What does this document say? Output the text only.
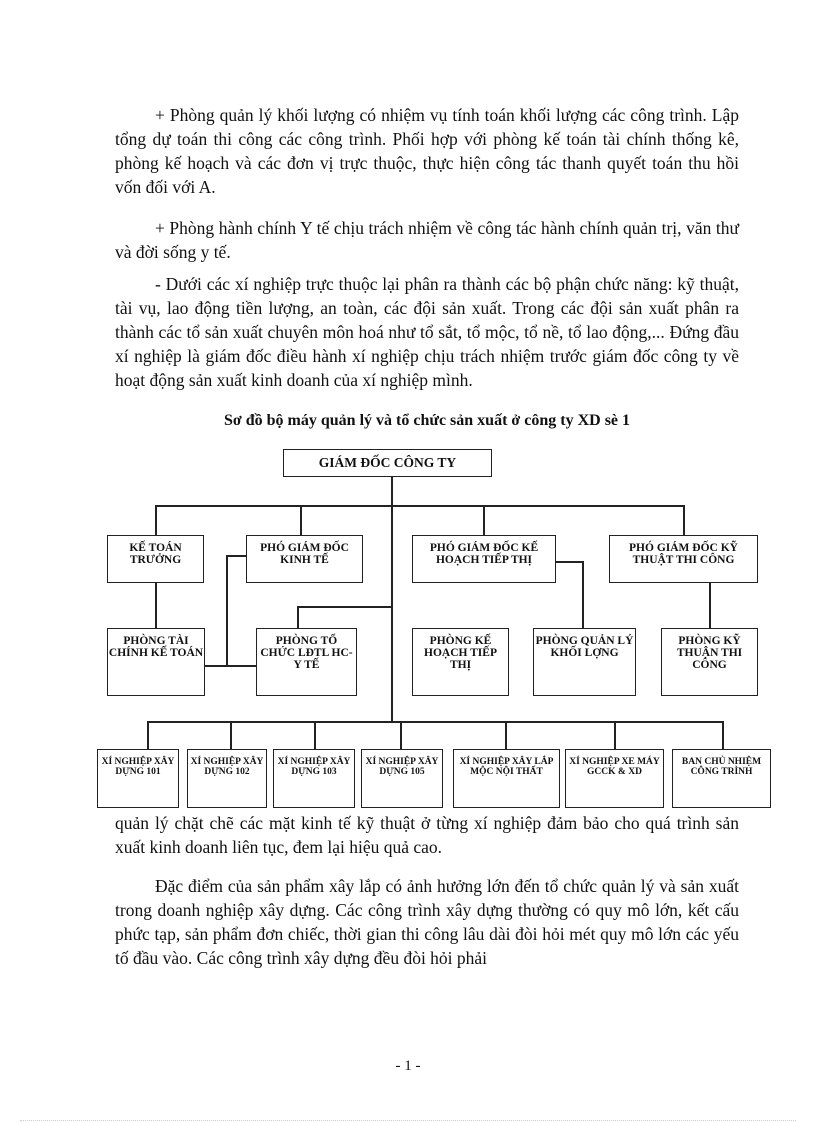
+ Phòng quản lý khối lượng có nhiệm vụ tính toán khối lượng các công trình. Lập tổng dự toán thi công các công trình. Phối hợp với phòng kế toán tài chính thống kê, phòng kế hoạch và các đơn vị trực thuộc, thực hiện công tác thanh quyết toán thu hồi vốn đối với A.

+ Phòng hành chính Y tế chịu trách nhiệm về công tác hành chính quản trị, văn thư và đời sống y tế.

- Dưới các xí nghiệp trực thuộc lại phân ra thành các bộ phận chức năng: kỹ thuật, tài vụ, lao động tiền lượng, an toàn, các đội sản xuất. Trong các đội sản xuất phân ra thành các tổ sản xuất chuyên môn hoá như tổ sắt, tổ mộc, tổ nề, tổ lao động,... Đứng đầu xí nghiệp là giám đốc điều hành xí nghiệp chịu trách nhiệm trước giám đốc công ty về hoạt động sản xuất kinh doanh của xí nghiệp mình.

Sơ đồ bộ máy quản lý và tổ chức sản xuất ở công ty XD sè 1

GIÁM ĐỐC CÔNG TY
KẾ TOÁN TRƯỞNG
PHÓ GIÁM ĐỐC KINH TẾ
PHÓ GIÁM ĐỐC KẾ HOẠCH TIẾP THỊ
PHÓ GIÁM ĐỐC KỸ THUẬT THI CÔNG
PHÒNG TÀI CHÍNH KẾ TOÁN
PHÒNG TỔ CHỨC LĐTL HC-Y TẾ
PHÒNG KẾ HOẠCH TIẾP THỊ
PHÒNG QUẢN LÝ KHỐI LỢNG
PHÒNG KỸ THUẬN THI CÔNG
XÍ NGHIỆP XÂY DỰNG 101
XÍ NGHIỆP XÂY DỰNG 102
XÍ NGHIỆP XÂY DỰNG 103
XÍ NGHIỆP XÂY DỰNG 105
XÍ NGHIỆP XÂY LẮP MỘC NỘI THẤT
XÍ NGHIỆP XE MÁY GCCK & XD
BAN CHỦ NHIỆM CÔNG TRÌNH

quản lý chặt chẽ các mặt kinh tế kỹ thuật ở từng xí nghiệp đảm bảo cho quá trình sản xuất kinh doanh liên tục, đem lại hiệu quả cao.

Đặc điểm của sản phẩm xây lắp có ảnh hưởng lớn đến tổ chức quản lý và sản xuất trong doanh nghiệp xây dựng. Các công trình xây dựng thường có quy mô lớn, kết cấu phức tạp, sản phẩm đơn chiếc, thời gian thi công lâu dài đòi hỏi mét quy mô lớn các yếu tố đầu vào. Các công trình xây dựng đều đòi hỏi phải

- 1 -
